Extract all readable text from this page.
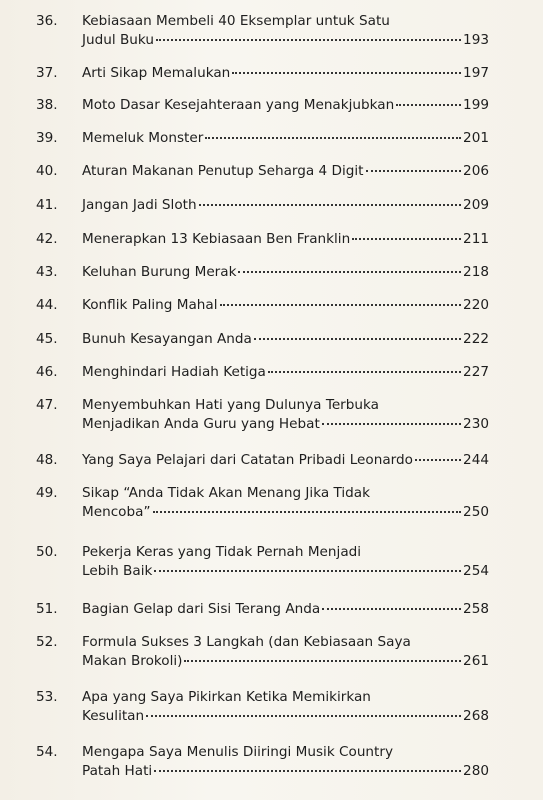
36.	Kebiasaan Membeli 40 Eksemplar untuk Satu
Judul Buku	193
37.	Arti Sikap Memalukan	197
38.	Moto Dasar Kesejahteraan yang Menakjubkan	199
39.	Memeluk Monster	201
40.	Aturan Makanan Penutup Seharga 4 Digit	206
41.	Jangan Jadi Sloth	209
42.	Menerapkan 13 Kebiasaan Ben Franklin	211
43.	Keluhan Burung Merak	218
44.	Konflik Paling Mahal	220
45.	Bunuh Kesayangan Anda	222
46.	Menghindari Hadiah Ketiga	227
47.	Menyembuhkan Hati yang Dulunya Terbuka
Menjadikan Anda Guru yang Hebat	230
48.	Yang Saya Pelajari dari Catatan Pribadi Leonardo	244
49.	Sikap “Anda Tidak Akan Menang Jika Tidak
Mencoba”	250
50.	Pekerja Keras yang Tidak Pernah Menjadi
Lebih Baik	254
51.	Bagian Gelap dari Sisi Terang Anda	258
52.	Formula Sukses 3 Langkah (dan Kebiasaan Saya
Makan Brokoli)	261
53.	Apa yang Saya Pikirkan Ketika Memikirkan
Kesulitan	268
54.	Mengapa Saya Menulis Diiringi Musik Country
Patah Hati	280
